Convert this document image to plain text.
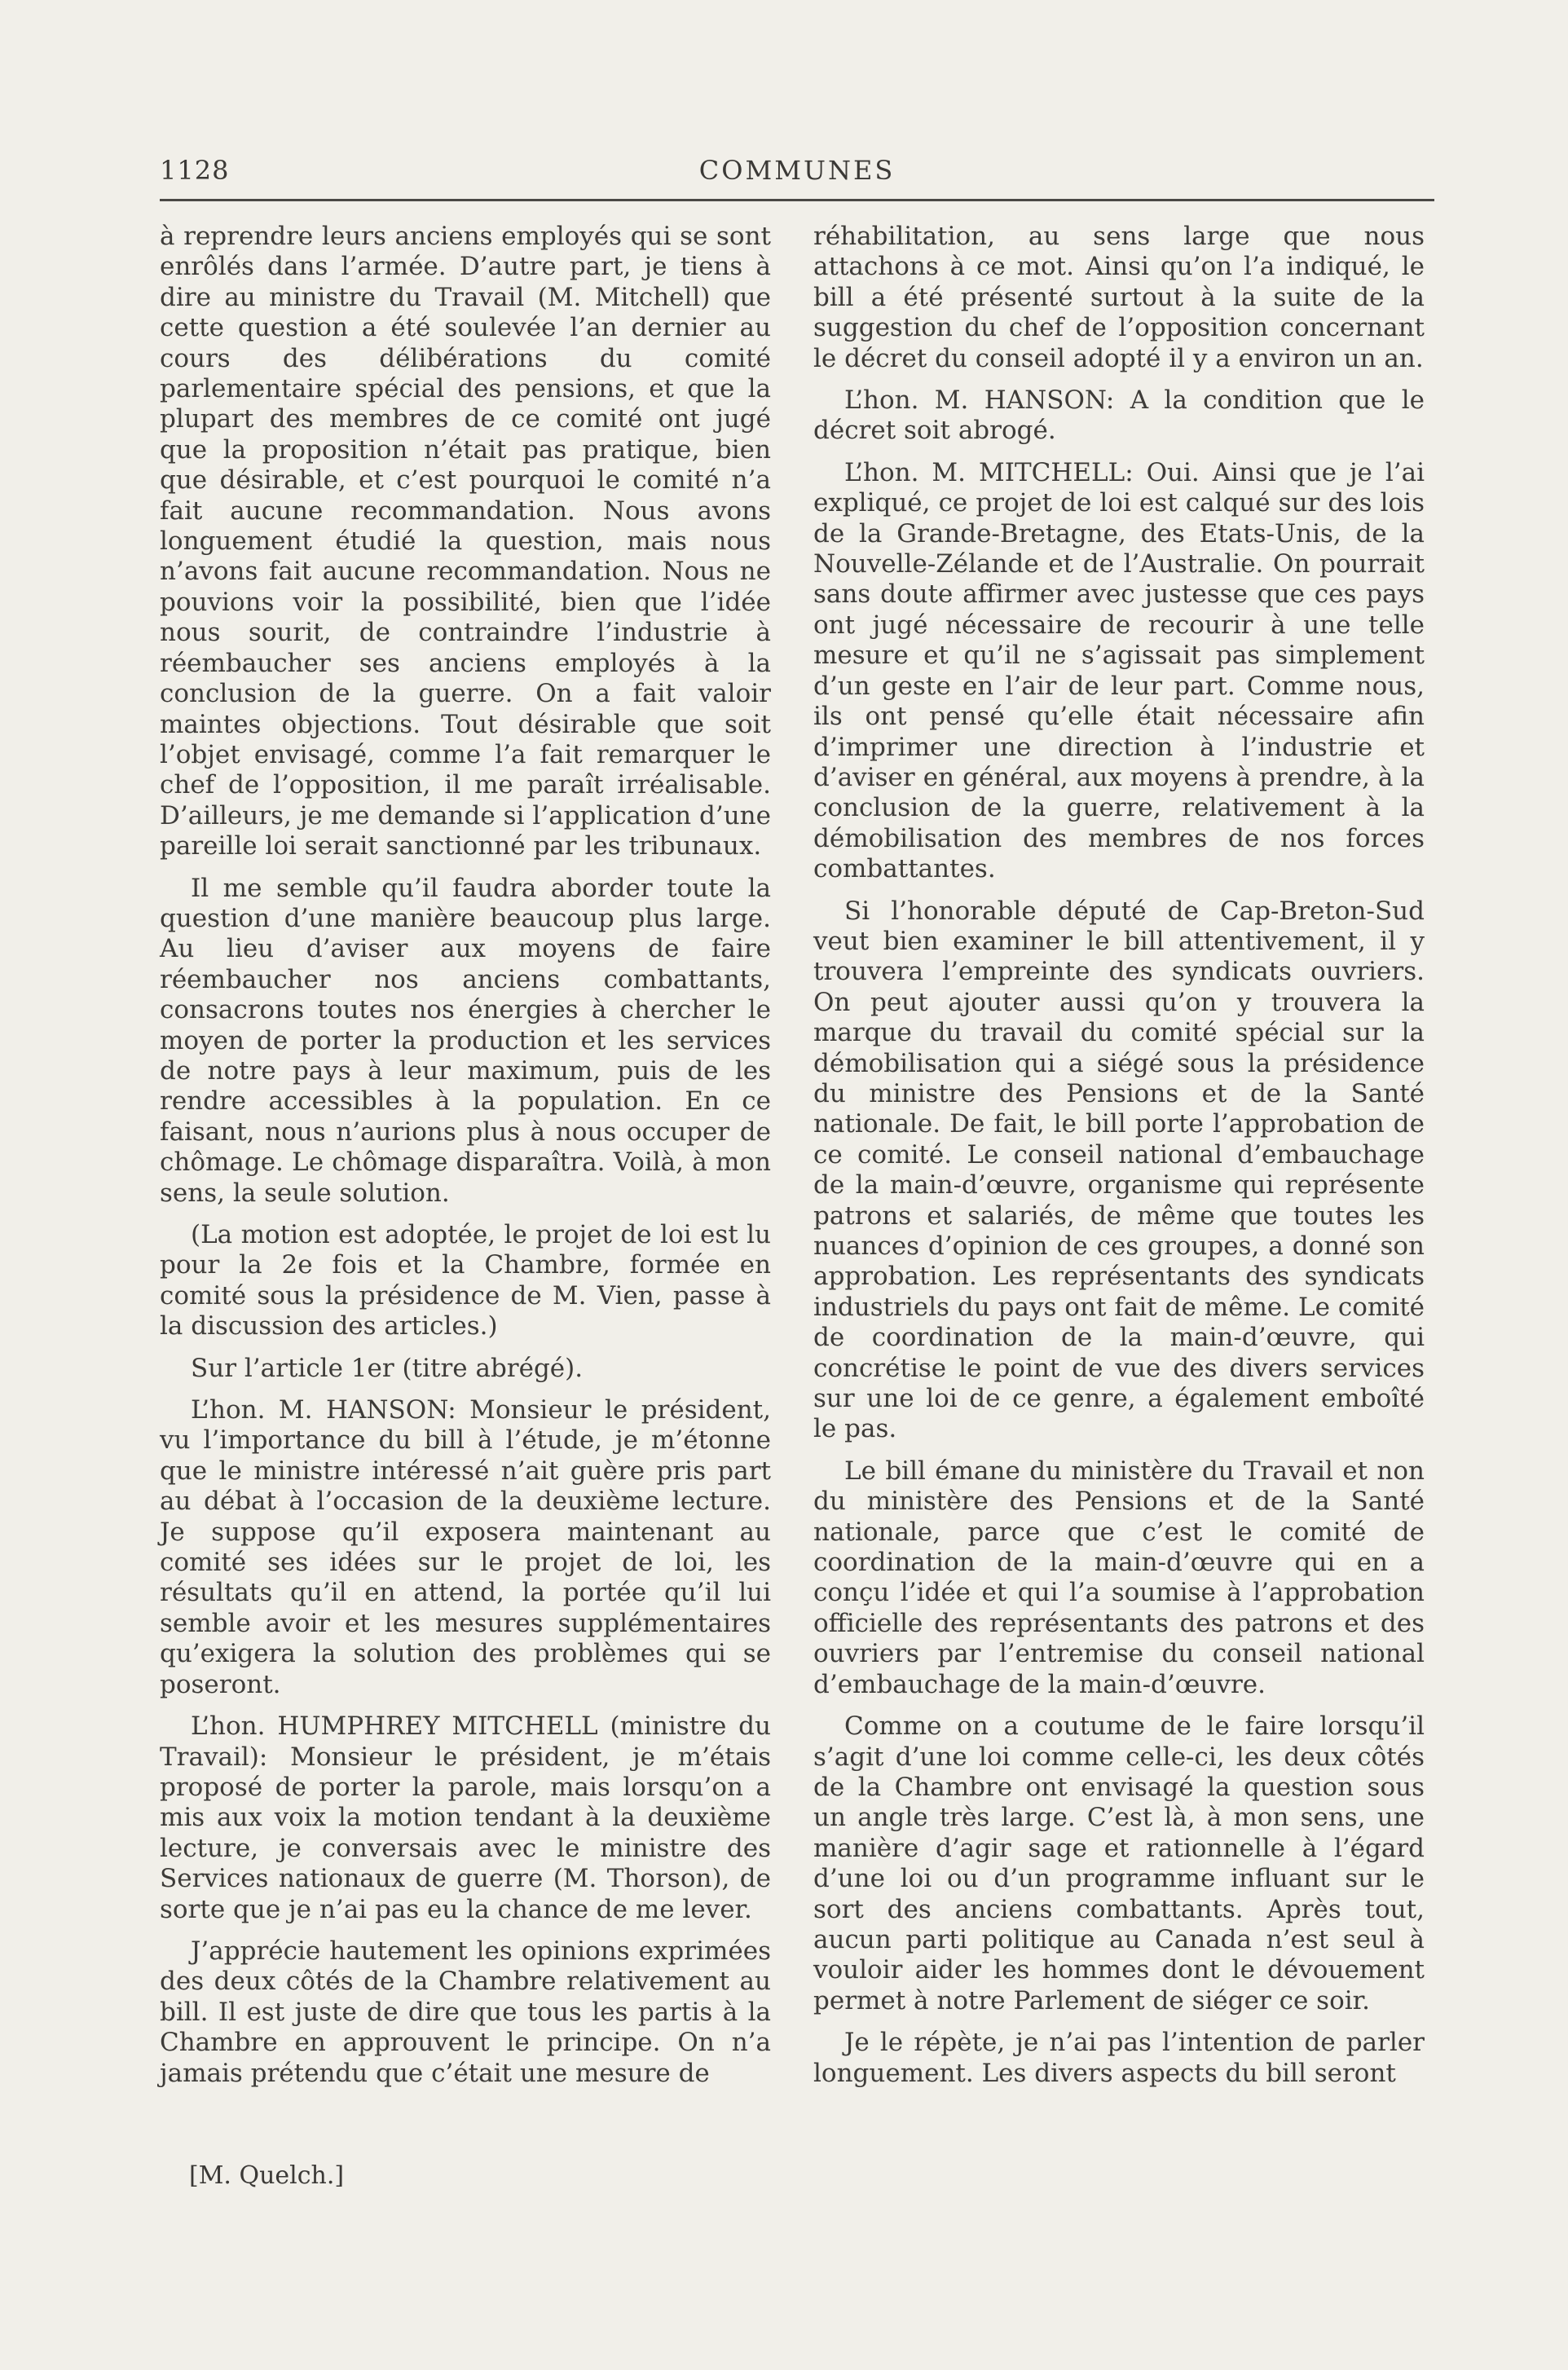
1128	COMMUNES

à reprendre leurs anciens employés qui se sont enrôlés dans l’armée. D’autre part, je tiens à dire au ministre du Travail (M. Mitchell) que cette question a été soulevée l’an dernier au cours des délibérations du comité parlementaire spécial des pensions, et que la plupart des membres de ce comité ont jugé que la proposition n’était pas pratique, bien que désirable, et c’est pourquoi le comité n’a fait aucune recommandation. Nous avons longuement étudié la question, mais nous n’avons fait aucune recommandation. Nous ne pouvions voir la possibilité, bien que l’idée nous sourit, de contraindre l’industrie à réembaucher ses anciens employés à la conclusion de la guerre. On a fait valoir maintes objections. Tout désirable que soit l’objet envisagé, comme l’a fait remarquer le chef de l’opposition, il me paraît irréalisable. D’ailleurs, je me demande si l’application d’une pareille loi serait sanctionné par les tribunaux.

Il me semble qu’il faudra aborder toute la question d’une manière beaucoup plus large. Au lieu d’aviser aux moyens de faire réembaucher nos anciens combattants, consacrons toutes nos énergies à chercher le moyen de porter la production et les services de notre pays à leur maximum, puis de les rendre accessibles à la population. En ce faisant, nous n’aurions plus à nous occuper de chômage. Le chômage disparaîtra. Voilà, à mon sens, la seule solution.

(La motion est adoptée, le projet de loi est lu pour la 2e fois et la Chambre, formée en comité sous la présidence de M. Vien, passe à la discussion des articles.)

Sur l’article 1er (titre abrégé).

L’hon. M. HANSON: Monsieur le président, vu l’importance du bill à l’étude, je m’étonne que le ministre intéressé n’ait guère pris part au débat à l’occasion de la deuxième lecture. Je suppose qu’il exposera maintenant au comité ses idées sur le projet de loi, les résultats qu’il en attend, la portée qu’il lui semble avoir et les mesures supplémentaires qu’exigera la solution des problèmes qui se poseront.

L’hon. HUMPHREY MITCHELL (ministre du Travail): Monsieur le président, je m’étais proposé de porter la parole, mais lorsqu’on a mis aux voix la motion tendant à la deuxième lecture, je conversais avec le ministre des Services nationaux de guerre (M. Thorson), de sorte que je n’ai pas eu la chance de me lever.

J’apprécie hautement les opinions exprimées des deux côtés de la Chambre relativement au bill. Il est juste de dire que tous les partis à la Chambre en approuvent le principe. On n’a jamais prétendu que c’était une mesure de

réhabilitation, au sens large que nous attachons à ce mot. Ainsi qu’on l’a indiqué, le bill a été présenté surtout à la suite de la suggestion du chef de l’opposition concernant le décret du conseil adopté il y a environ un an.

L’hon. M. HANSON: A la condition que le décret soit abrogé.

L’hon. M. MITCHELL: Oui. Ainsi que je l’ai expliqué, ce projet de loi est calqué sur des lois de la Grande-Bretagne, des Etats-Unis, de la Nouvelle-Zélande et de l’Australie. On pourrait sans doute affirmer avec justesse que ces pays ont jugé nécessaire de recourir à une telle mesure et qu’il ne s’agissait pas simplement d’un geste en l’air de leur part. Comme nous, ils ont pensé qu’elle était nécessaire afin d’imprimer une direction à l’industrie et d’aviser en général, aux moyens à prendre, à la conclusion de la guerre, relativement à la démobilisation des membres de nos forces combattantes.

Si l’honorable député de Cap-Breton-Sud veut bien examiner le bill attentivement, il y trouvera l’empreinte des syndicats ouvriers. On peut ajouter aussi qu’on y trouvera la marque du travail du comité spécial sur la démobilisation qui a siégé sous la présidence du ministre des Pensions et de la Santé nationale. De fait, le bill porte l’approbation de ce comité. Le conseil national d’embauchage de la main-d’œuvre, organisme qui représente patrons et salariés, de même que toutes les nuances d’opinion de ces groupes, a donné son approbation. Les représentants des syndicats industriels du pays ont fait de même. Le comité de coordination de la main-d’œuvre, qui concrétise le point de vue des divers services sur une loi de ce genre, a également emboîté le pas.

Le bill émane du ministère du Travail et non du ministère des Pensions et de la Santé nationale, parce que c’est le comité de coordination de la main-d’œuvre qui en a conçu l’idée et qui l’a soumise à l’approbation officielle des représentants des patrons et des ouvriers par l’entremise du conseil national d’embauchage de la main-d’œuvre.

Comme on a coutume de le faire lorsqu’il s’agit d’une loi comme celle-ci, les deux côtés de la Chambre ont envisagé la question sous un angle très large. C’est là, à mon sens, une manière d’agir sage et rationnelle à l’égard d’une loi ou d’un programme influant sur le sort des anciens combattants. Après tout, aucun parti politique au Canada n’est seul à vouloir aider les hommes dont le dévouement permet à notre Parlement de siéger ce soir.

Je le répète, je n’ai pas l’intention de parler longuement. Les divers aspects du bill seront

[M. Quelch.]
